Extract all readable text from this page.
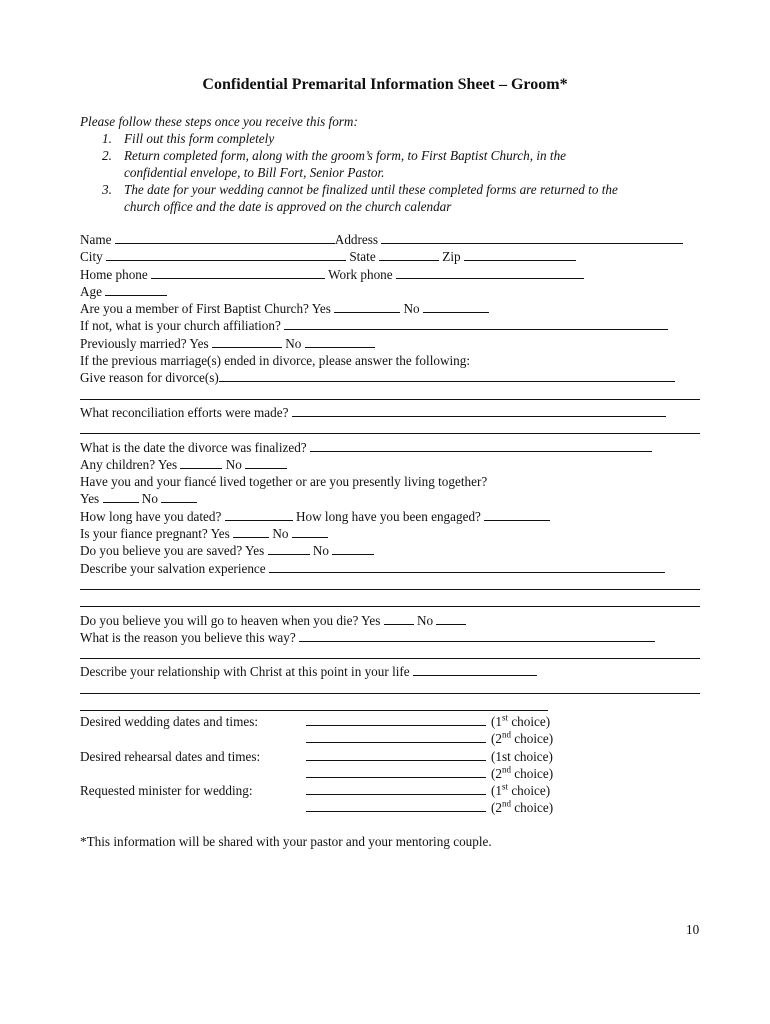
Confidential Premarital Information Sheet – Groom*

Please follow these steps once you receive this form:

1. Fill out this form completely
2. Return completed form, along with the groom’s form, to First Baptist Church, in the
confidential envelope, to Bill Fort, Senior Pastor.
3. The date for your wedding cannot be finalized until these completed forms are returned to the
church office and the date is approved on the church calendar
Name	Address
City	State	Zip
Home phone	Work phone
Age
Are you a member of First Baptist Church? Yes	No
If not, what is your church affiliation?
Previously married? Yes	No
If the previous marriage(s) ended in divorce, please answer the following:
Give reason for divorce(s)
What reconciliation efforts were made?
What is the date the divorce was finalized?
Any children? Yes	No
Have you and your fiancé lived together or are you presently living together?
Yes	No
How long have you dated?	How long have you been engaged?
Is your fiance pregnant? Yes	No
Do you believe you are saved? Yes	No
Describe your salvation experience
Do you believe you will go to heaven when you die? Yes	No
What is the reason you believe this way?
Describe your relationship with Christ at this point in your life
Desired wedding dates and times:	(1st choice)
(2nd choice)
Desired rehearsal dates and times:	(1st choice)
(2nd choice)
Requested minister for wedding:	(1st choice)
(2nd choice)
*This information will be shared with your pastor and your mentoring couple.
10
